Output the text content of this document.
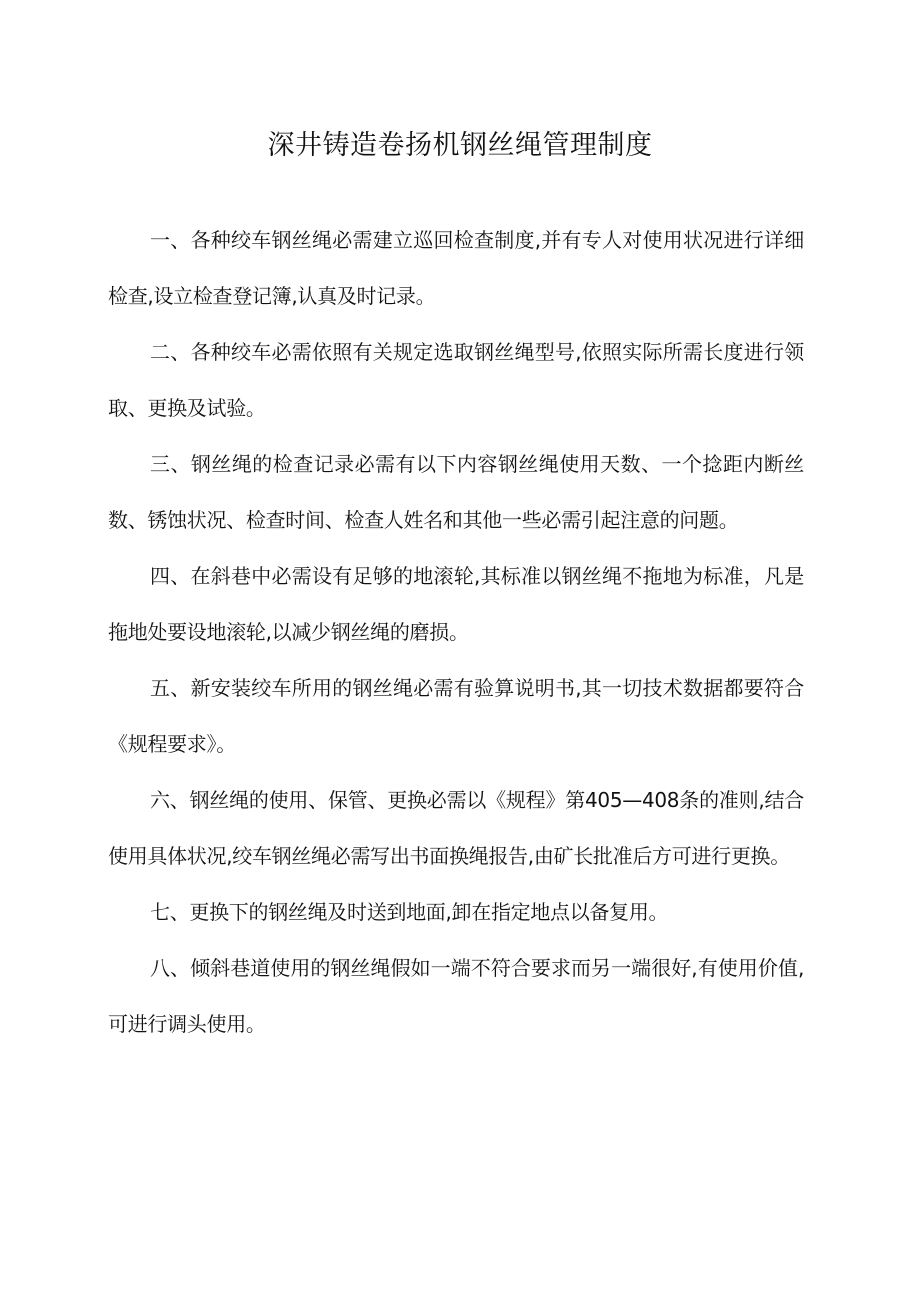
深井铸造卷扬机钢丝绳管理制度

一、各种绞车钢丝绳必需建立巡回检查制度,并有专人对使用状况进行详细检查,设立检查登记簿,认真及时记录。

二、各种绞车必需依照有关规定选取钢丝绳型号,依照实际所需长度进行领取、更换及试验。

三、钢丝绳的检查记录必需有以下内容钢丝绳使用天数、一个捻距内断丝数、锈蚀状况、检查时间、检查人姓名和其他一些必需引起注意的问题。

四、在斜巷中必需设有足够的地滚轮,其标准以钢丝绳不拖地为标准，凡是拖地处要设地滚轮,以减少钢丝绳的磨损。

五、新安装绞车所用的钢丝绳必需有验算说明书,其一切技术数据都要符合《规程要求》。

六、钢丝绳的使用、保管、更换必需以《规程》第405—408条的准则,结合使用具体状况,绞车钢丝绳必需写出书面换绳报告,由矿长批准后方可进行更换。

七、更换下的钢丝绳及时送到地面,卸在指定地点以备复用。

八、倾斜巷道使用的钢丝绳假如一端不符合要求而另一端很好,有使用价值,可进行调头使用。
